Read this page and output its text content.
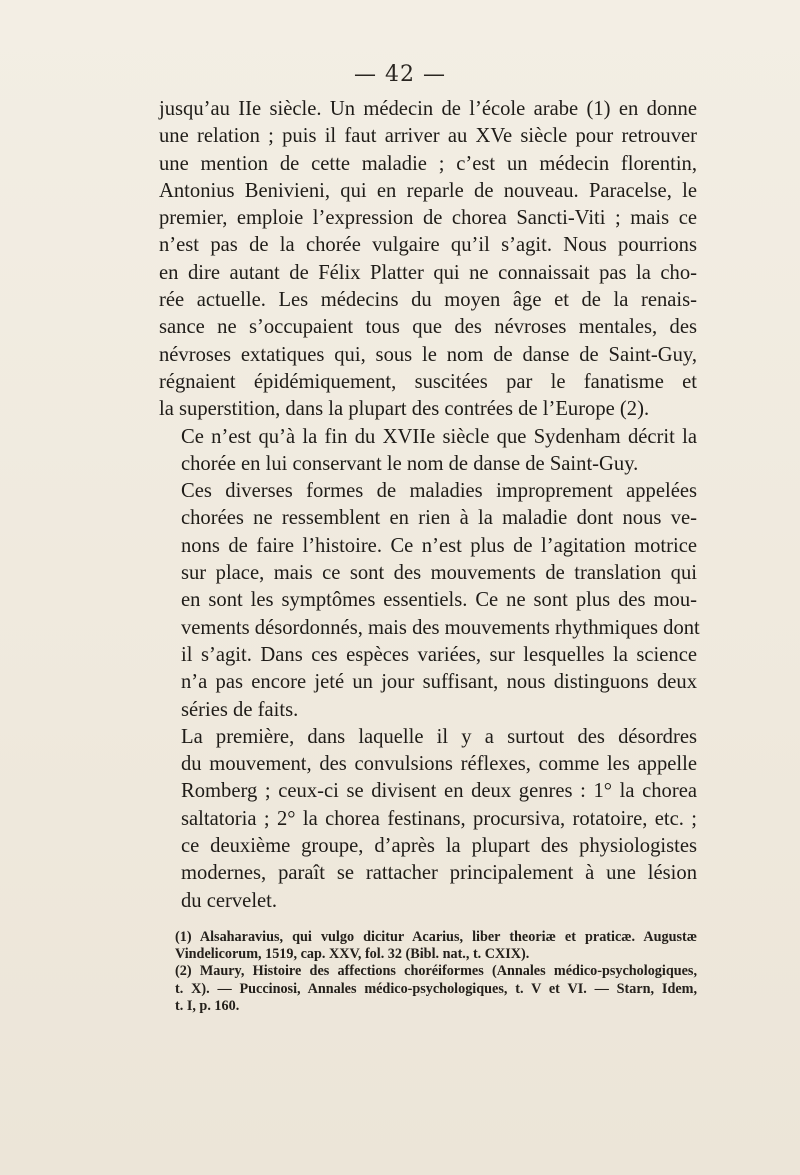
— 42 —

jusqu’au IIe siècle. Un médecin de l’école arabe (1) en donne
une relation ; puis il faut arriver au XVe siècle pour retrouver
une mention de cette maladie ; c’est un médecin florentin,
Antonius Benivieni, qui en reparle de nouveau. Paracelse, le
premier, emploie l’expression de chorea Sancti-Viti ; mais ce
n’est pas de la chorée vulgaire qu’il s’agit. Nous pourrions
en dire autant de Félix Platter qui ne connaissait pas la cho-
rée actuelle. Les médecins du moyen âge et de la renais-
sance ne s’occupaient tous que des névroses mentales, des
névroses extatiques qui, sous le nom de danse de Saint-Guy,
régnaient épidémiquement, suscitées par le fanatisme et
la superstition, dans la plupart des contrées de l’Europe (2).

Ce n’est qu’à la fin du XVIIe siècle que Sydenham décrit la
chorée en lui conservant le nom de danse de Saint-Guy.

Ces diverses formes de maladies improprement appelées
chorées ne ressemblent en rien à la maladie dont nous ve-
nons de faire l’histoire. Ce n’est plus de l’agitation motrice
sur place, mais ce sont des mouvements de translation qui
en sont les symptômes essentiels. Ce ne sont plus des mou-
vements désordonnés, mais des mouvements rhythmiques dont
il s’agit. Dans ces espèces variées, sur lesquelles la science
n’a pas encore jeté un jour suffisant, nous distinguons deux
séries de faits.

La première, dans laquelle il y a surtout des désordres
du mouvement, des convulsions réflexes, comme les appelle
Romberg ; ceux-ci se divisent en deux genres : 1° la chorea
saltatoria ; 2° la chorea festinans, procursiva, rotatoire, etc. ;
ce deuxième groupe, d’après la plupart des physiologistes
modernes, paraît se rattacher principalement à une lésion
du cervelet.

(1) Alsaharavius, qui vulgo dicitur Acarius, liber theoriæ et praticæ. Augustæ
Vindelicorum, 1519, cap. XXV, fol. 32 (Bibl. nat., t. CXIX).

(2) Maury, Histoire des affections choréiformes (Annales médico-psychologiques,
t. X). — Puccinosi, Annales médico-psychologiques, t. V et VI. — Starn, Idem,
t. I, p. 160.
